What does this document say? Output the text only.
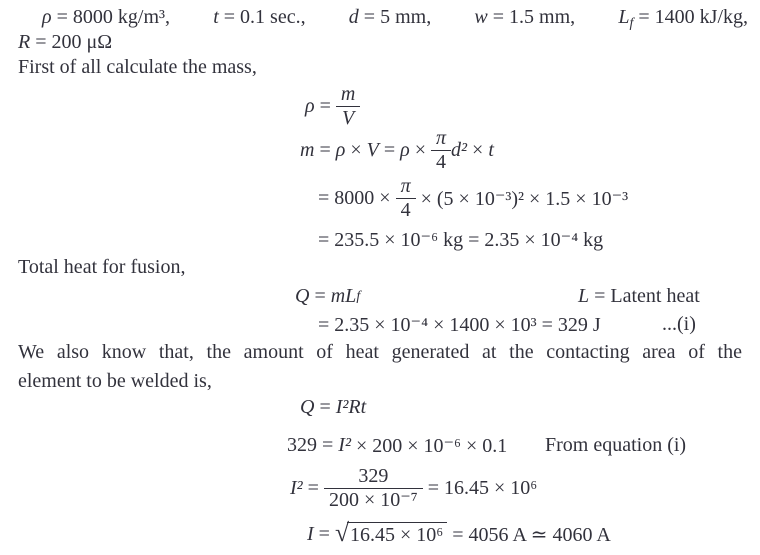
ρ = 8000 kg/m³, t = 0.1 sec., d = 5 mm, w = 1.5 mm, Lf = 1400 kJ/kg,
R = 200 μΩ
First of all calculate the mass,
$\rho = \frac{m}{V}$
$m = \rho \times V = \rho \times \frac{\pi}{4} d^2 \times t$
= $8000 \times \frac{\pi}{4} \times (5 \times 10^{-3})^2 \times 1.5 \times 10^{-3}$
= 235.5 × 10⁻⁶ kg = 2.35 × 10⁻⁴ kg
Total heat for fusion,
Q = mL f	L = Latent heat
= 2.35 × 10⁻⁴ × 1400 × 10³ = 329 J	...(i)
We also know that, the amount of heat generated at the contacting area of the
element to be welded is,
Q = I²Rt
329 = I² × 200 × 10⁻⁶ × 0.1 From equation (i)
$I^2 = \frac{329}{\text{200 × 10⁻⁷}} = 16.45 \times 10^6$
I = √ 16.45 × 10⁶ = 4056 A ≃ 4060 A
